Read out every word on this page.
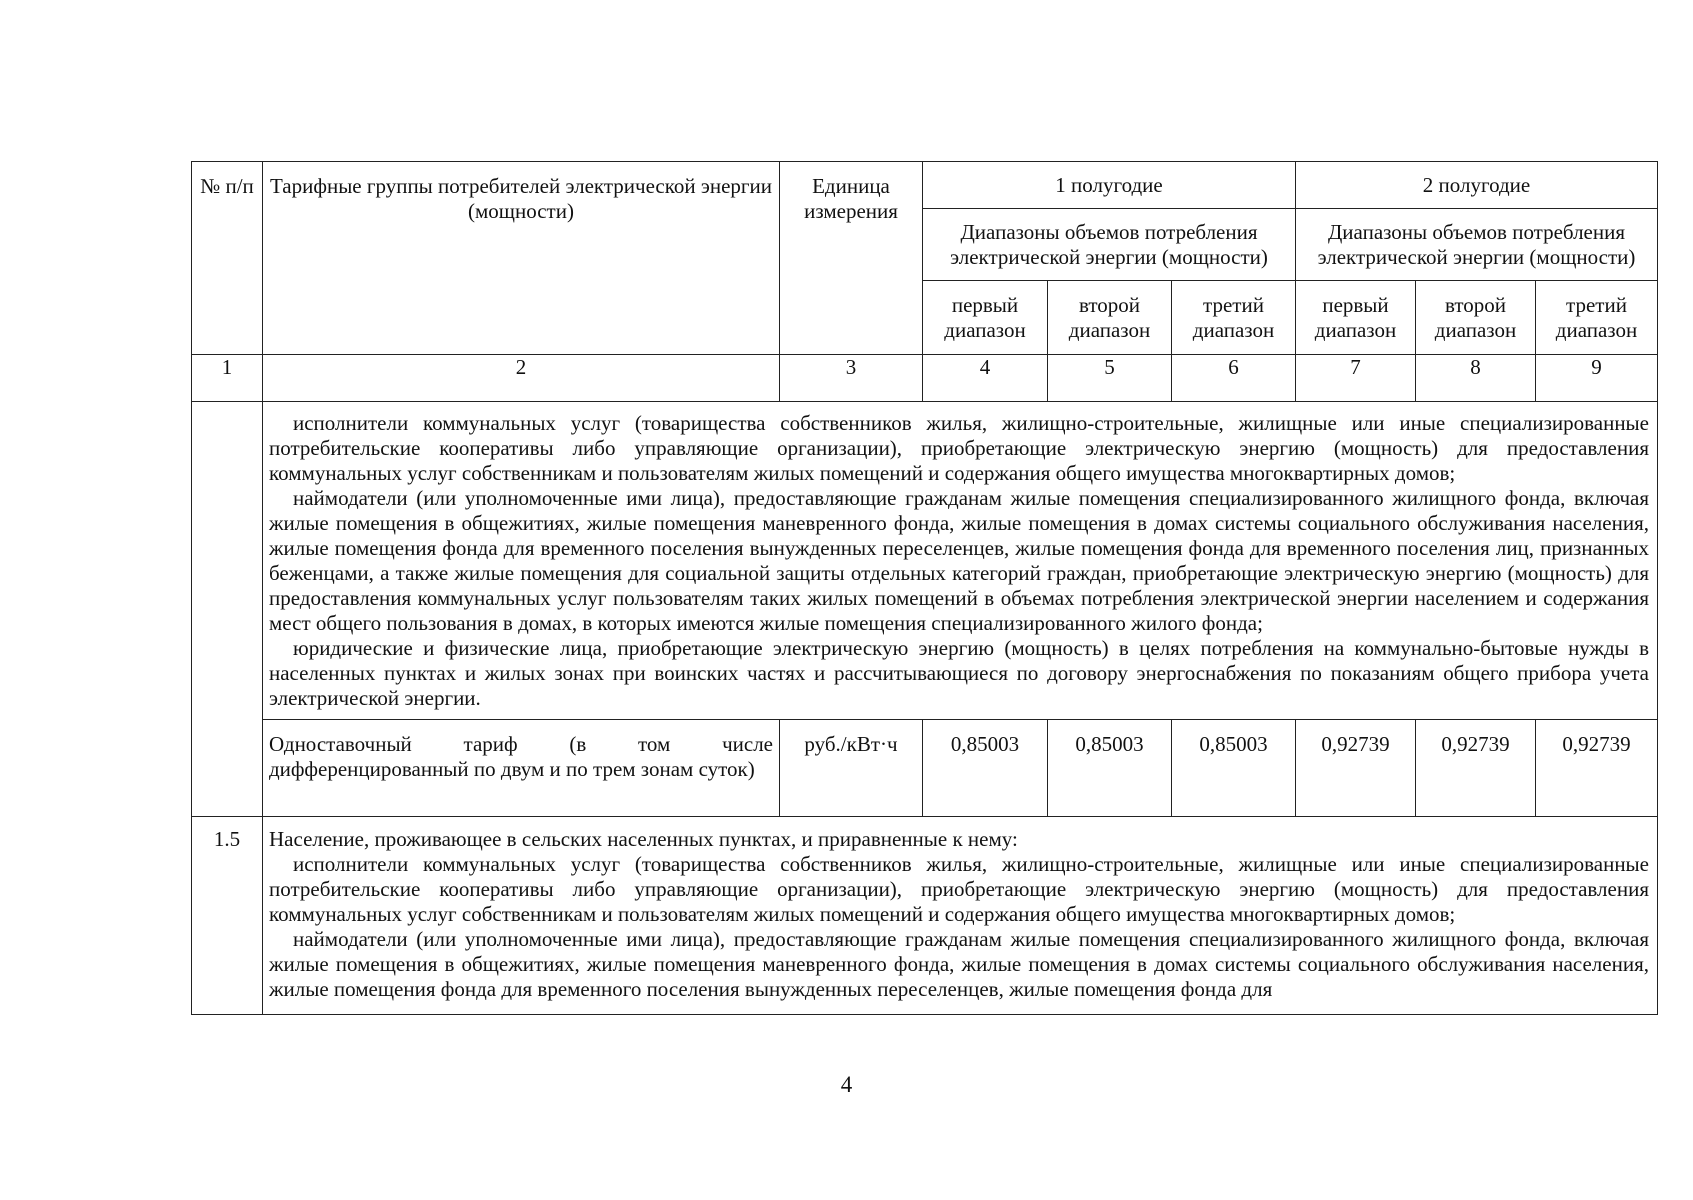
№ п/п	Тарифные группы потребителей электрической энергии (мощности)	Единица измерения	1 полугодие			2 полугодие		
			Диапазоны объемов потребления электрической энергии (мощности)			Диапазоны объемов потребления электрической энергии (мощности)		
			первый диапазон	второй диапазон	третий диапазон	первый диапазон	второй диапазон	третий диапазон
1	2	3	4	5	6	7	8	9

	исполнители коммунальных услуг (товарищества собственников жилья, жилищно-строительные, жилищные или иные специализированные потребительские кооперативы либо управляющие организации), приобретающие электрическую энергию (мощность) для предоставления коммунальных услуг собственникам и пользователям жилых помещений и содержания общего имущества многоквартирных домов;

наймодатели (или уполномоченные ими лица), предоставляющие гражданам жилые помещения специализированного жилищного фонда, включая жилые помещения в общежитиях, жилые помещения маневренного фонда, жилые помещения в домах системы социального обслуживания населения, жилые помещения фонда для временного поселения вынужденных переселенцев, жилые помещения фонда для временного поселения лиц, признанных беженцами, а также жилые помещения для социальной защиты отдельных категорий граждан, приобретающие электрическую энергию (мощность) для предоставления коммунальных услуг пользователям таких жилых помещений в объемах потребления электрической энергии населением и содержания мест общего пользования в домах, в которых имеются жилые помещения специализированного жилого фонда;

юридические и физические лица, приобретающие электрическую энергию (мощность) в целях потребления на коммунально-бытовые нужды в населенных пунктах и жилых зонах при воинских частях и рассчитывающиеся по договору энергоснабжения по показаниям общего прибора учета электрической энергии.							

	Одноставочный тариф (в том числе
дифференцированный по двум и по трем зонам суток)	руб./кВт·ч	0,85003	0,85003	0,85003	0,92739	0,92739	0,92739
1.5	Население, проживающее в сельских населенных пунктах, и приравненные к нему:

исполнители коммунальных услуг (товарищества собственников жилья, жилищно-строительные, жилищные или иные специализированные потребительские кооперативы либо управляющие организации), приобретающие электрическую энергию (мощность) для предоставления коммунальных услуг собственникам и пользователям жилых помещений и содержания общего имущества многоквартирных домов;

наймодатели (или уполномоченные ими лица), предоставляющие гражданам жилые помещения специализированного жилищного фонда, включая жилые помещения в общежитиях, жилые помещения маневренного фонда, жилые помещения в домах системы социального обслуживания населения, жилые помещения фонда для временного поселения вынужденных переселенцев, жилые помещения фонда для							

4
